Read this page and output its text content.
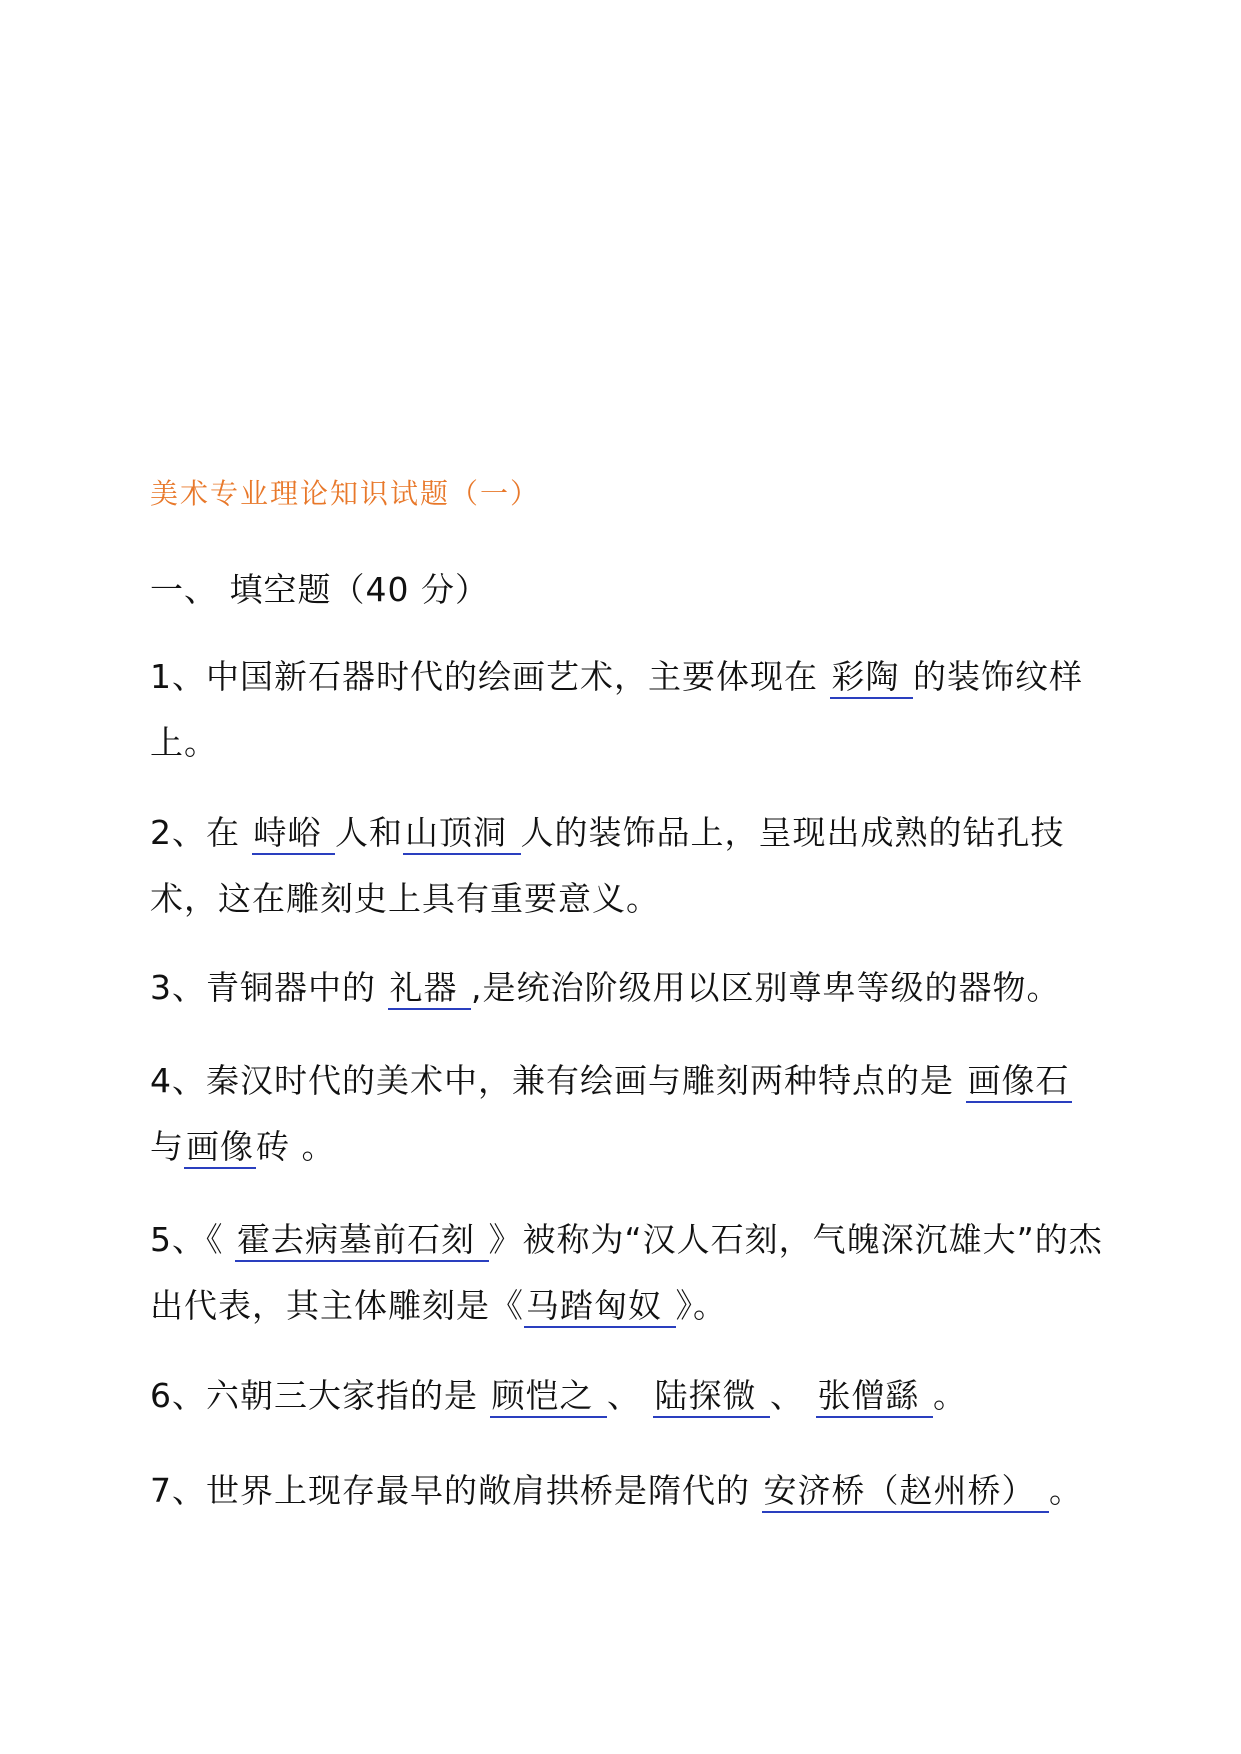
美术专业理论知识试题（一）
一、 填空题（40 分）
1、中国新石器时代的绘画艺术，主要体现在 彩陶 的装饰纹样上。
2、在 峙峪 人和山顶洞 人的装饰品上，呈现出成熟的钻孔技术，这在雕刻史上具有重要意义。
3、青铜器中的 礼器 ,是统治阶级用以区别尊卑等级的器物。
4、秦汉时代的美术中，兼有绘画与雕刻两种特点的是 画像石 与画像砖 。
5、《 霍去病墓前石刻 》被称为“汉人石刻，气魄深沉雄大”的杰出代表，其主体雕刻是《马踏匈奴 》。
6、六朝三大家指的是 顾恺之 、 陆探微 、 张僧繇 。
7、世界上现存最早的敞肩拱桥是隋代的 安济桥（赵州桥） 。
